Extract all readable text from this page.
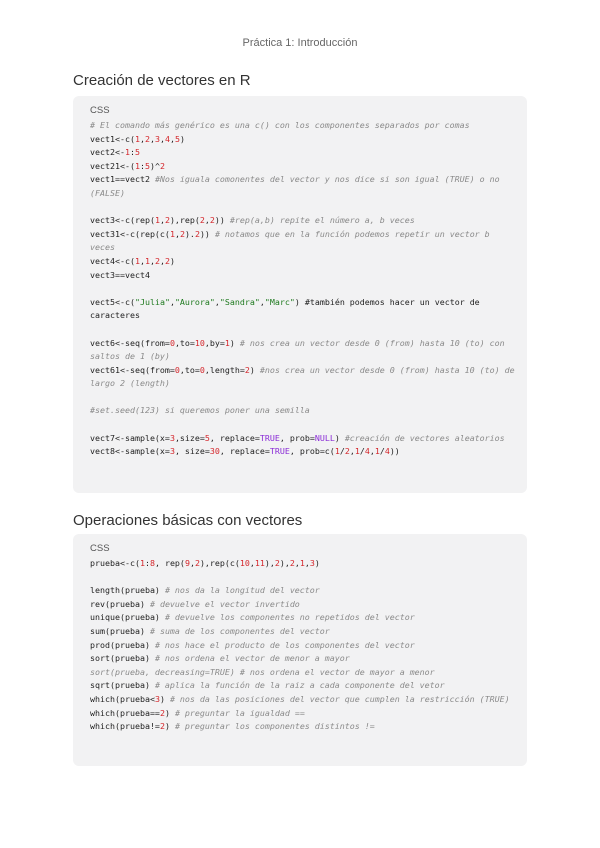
Práctica 1: Introducción
Creación de vectores en R
CSS
# El comando más genérico es una c() con los componentes separados por comas
vect1<-c(1,2,3,4,5)
vect2<-1:5
vect21<-(1:5)^2
vect1==vect2 #Nos iguala comonentes del vector y nos dice si son igual (TRUE) o no (FALSE)
vect3<-c(rep(1,2),rep(2,2)) #rep(a,b) repite el número a, b veces
vect31<-c(rep(c(1,2).2)) # notamos que en la función podemos repetir un vector b veces
vect4<-c(1,1,2,2)
vect3==vect4
vect5<-c("Julia","Aurora","Sandra","Marc") #también podemos hacer un vector de caracteres
vect6<-seq(from=0,to=10,by=1) # nos crea un vector desde 0 (from) hasta 10 (to) con saltos de 1 (by)
vect61<-seq(from=0,to=0,length=2) #nos crea un vector desde 0 (from) hasta 10 (to) de largo 2 (length)
#set.seed(123) si queremos poner una semilla
vect7<-sample(x=3,size=5, replace=TRUE, prob=NULL) #creación de vectores aleatorios
vect8<-sample(x=3, size=30, replace=TRUE, prob=c(1/2,1/4,1/4))
Operaciones básicas con vectores
CSS
prueba<-c(1:8, rep(9,2),rep(c(10,11),2),2,1,3)
length(prueba) # nos da la longitud del vector
rev(prueba) # devuelve el vector invertido
unique(prueba) # devuelve los componentes no repetidos del vector
sum(prueba) # suma de los componentes del vector
prod(prueba) # nos hace el producto de los componentes del vector
sort(prueba) # nos ordena el vector de menor a mayor
sort(prueba, decreasing=TRUE) # nos ordena el vector de mayor a menor
sqrt(prueba) # aplica la función de la raiz a cada componente del vetor
which(prueba<3) # nos da las posiciones del vector que cumplen la restricción (TRUE)
which(prueba==2) # preguntar la igualdad ==
which(prueba!=2) # preguntar los componentes distintos !=
